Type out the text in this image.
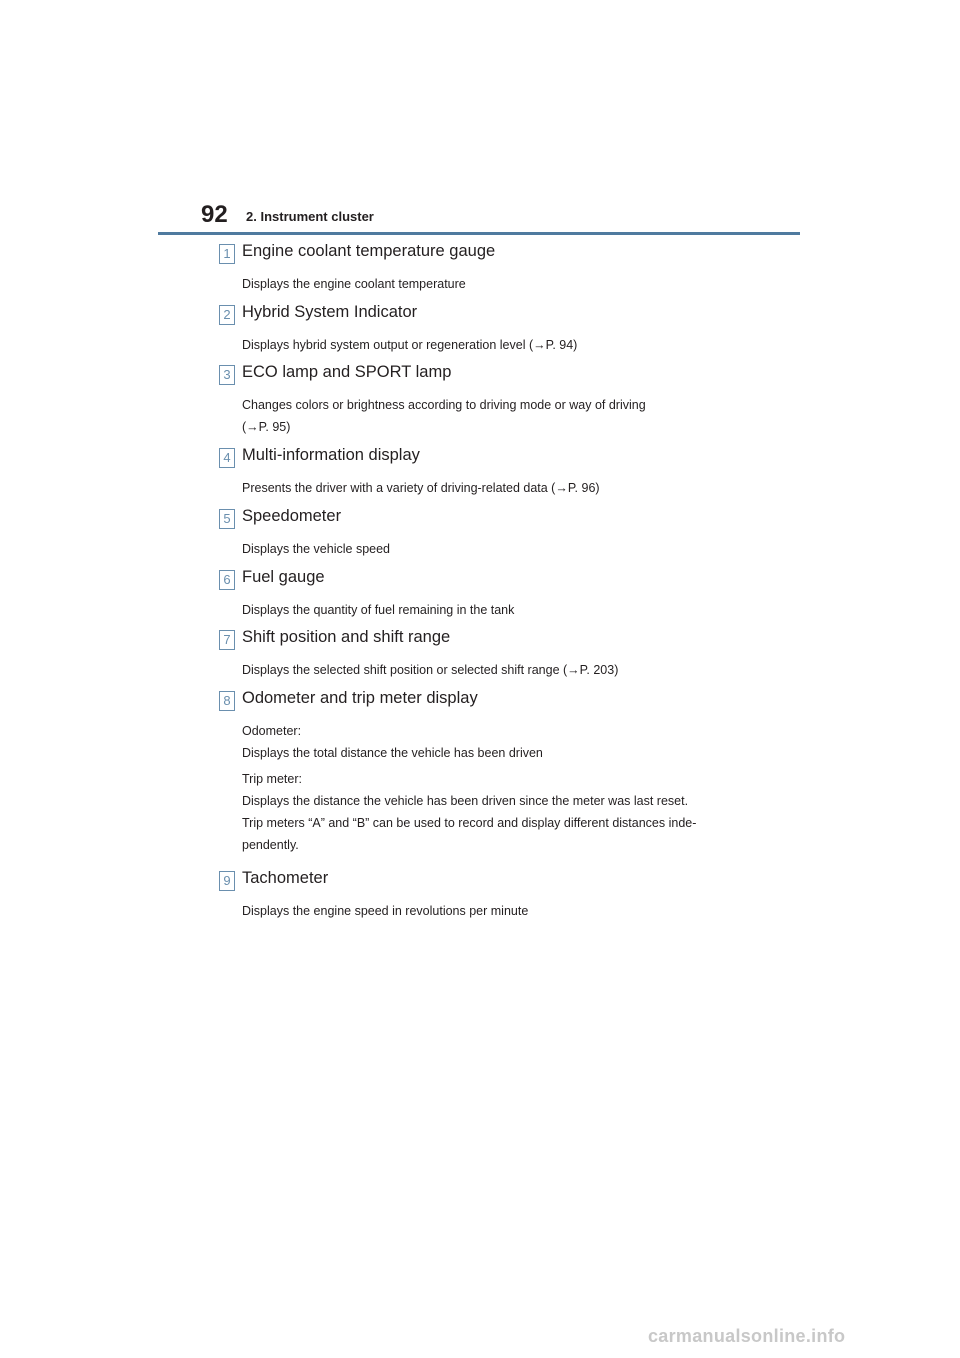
92 2. Instrument cluster
1 Engine coolant temperature gauge

Displays the engine coolant temperature

2 Hybrid System Indicator

Displays hybrid system output or regeneration level (→P. 94)

3 ECO lamp and SPORT lamp

Changes colors or brightness according to driving mode or way of driving

(→P. 95)

4 Multi-information display

Presents the driver with a variety of driving-related data (→P. 96)

5 Speedometer

Displays the vehicle speed

6 Fuel gauge

Displays the quantity of fuel remaining in the tank

7 Shift position and shift range

Displays the selected shift position or selected shift range (→P. 203)

8 Odometer and trip meter display

Odometer:

Displays the total distance the vehicle has been driven

Trip meter:

Displays the distance the vehicle has been driven since the meter was last reset.

Trip meters “A” and “B” can be used to record and display different distances inde-

pendently.

9 Tachometer

Displays the engine speed in revolutions per minute

carmanualsonline.info
